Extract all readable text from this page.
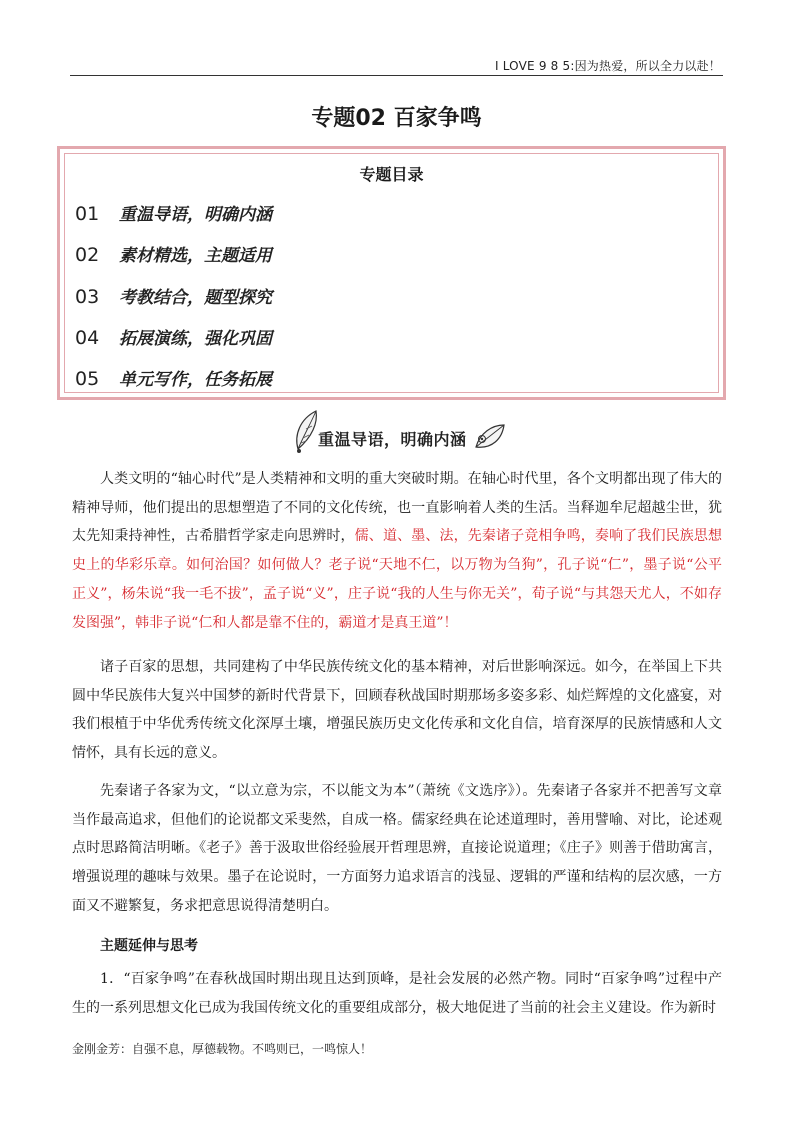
I LOVE 9 8 5:因为热爱，所以全力以赴！
专题02 百家争鸣
专题目录
01 重温导语，明确内涵
02 素材精选，主题适用
03 考教结合，题型探究
04 拓展演练，强化巩固
05 单元写作，任务拓展
重温导语，明确内涵

人类文明的“轴心时代”是人类精神和文明的重大突破时期。在轴心时代里，各个文明都出现了伟大的精神导师，他们提出的思想塑造了不同的文化传统，也一直影响着人类的生活。当释迦牟尼超越尘世，犹太先知秉持神性，古希腊哲学家走向思辨时，儒、道、墨、法，先秦诸子竞相争鸣，奏响了我们民族思想史上的华彩乐章。如何治国？如何做人？老子说“天地不仁，以万物为刍狗”，孔子说“仁”，墨子说“公平正义”，杨朱说“我一毛不拔”，孟子说“义”，庄子说“我的人生与你无关”，荀子说“与其怨天尤人，不如存发图强”，韩非子说“仁和人都是靠不住的，霸道才是真王道”！

诸子百家的思想，共同建构了中华民族传统文化的基本精神，对后世影响深远。如今，在举国上下共圆中华民族伟大复兴中国梦的新时代背景下，回顾春秋战国时期那场多姿多彩、灿烂辉煌的文化盛宴，对我们根植于中华优秀传统文化深厚土壤，增强民族历史文化传承和文化自信，培育深厚的民族情感和人文情怀，具有长远的意义。

先秦诸子各家为文，“以立意为宗，不以能文为本”（萧统《文选序》）。先秦诸子各家并不把善写文章当作最高追求，但他们的论说都文采斐然，自成一格。儒家经典在论述道理时，善用譬喻、对比，论述观点时思路简洁明晰。《老子》善于汲取世俗经验展开哲理思辨，直接论说道理；《庄子》则善于借助寓言，增强说理的趣味与效果。墨子在论说时，一方面努力追求语言的浅显、逻辑的严谨和结构的层次感，一方面又不避繁复，务求把意思说得清楚明白。

主题延伸与思考

1．“百家争鸣”在春秋战国时期出现且达到顶峰，是社会发展的必然产物。同时“百家争鸣”过程中产生的一系列思想文化已成为我国传统文化的重要组成部分，极大地促进了当前的社会主义建设。作为新时

金刚金芳：自强不息，厚德载物。不鸣则已，一鸣惊人！
